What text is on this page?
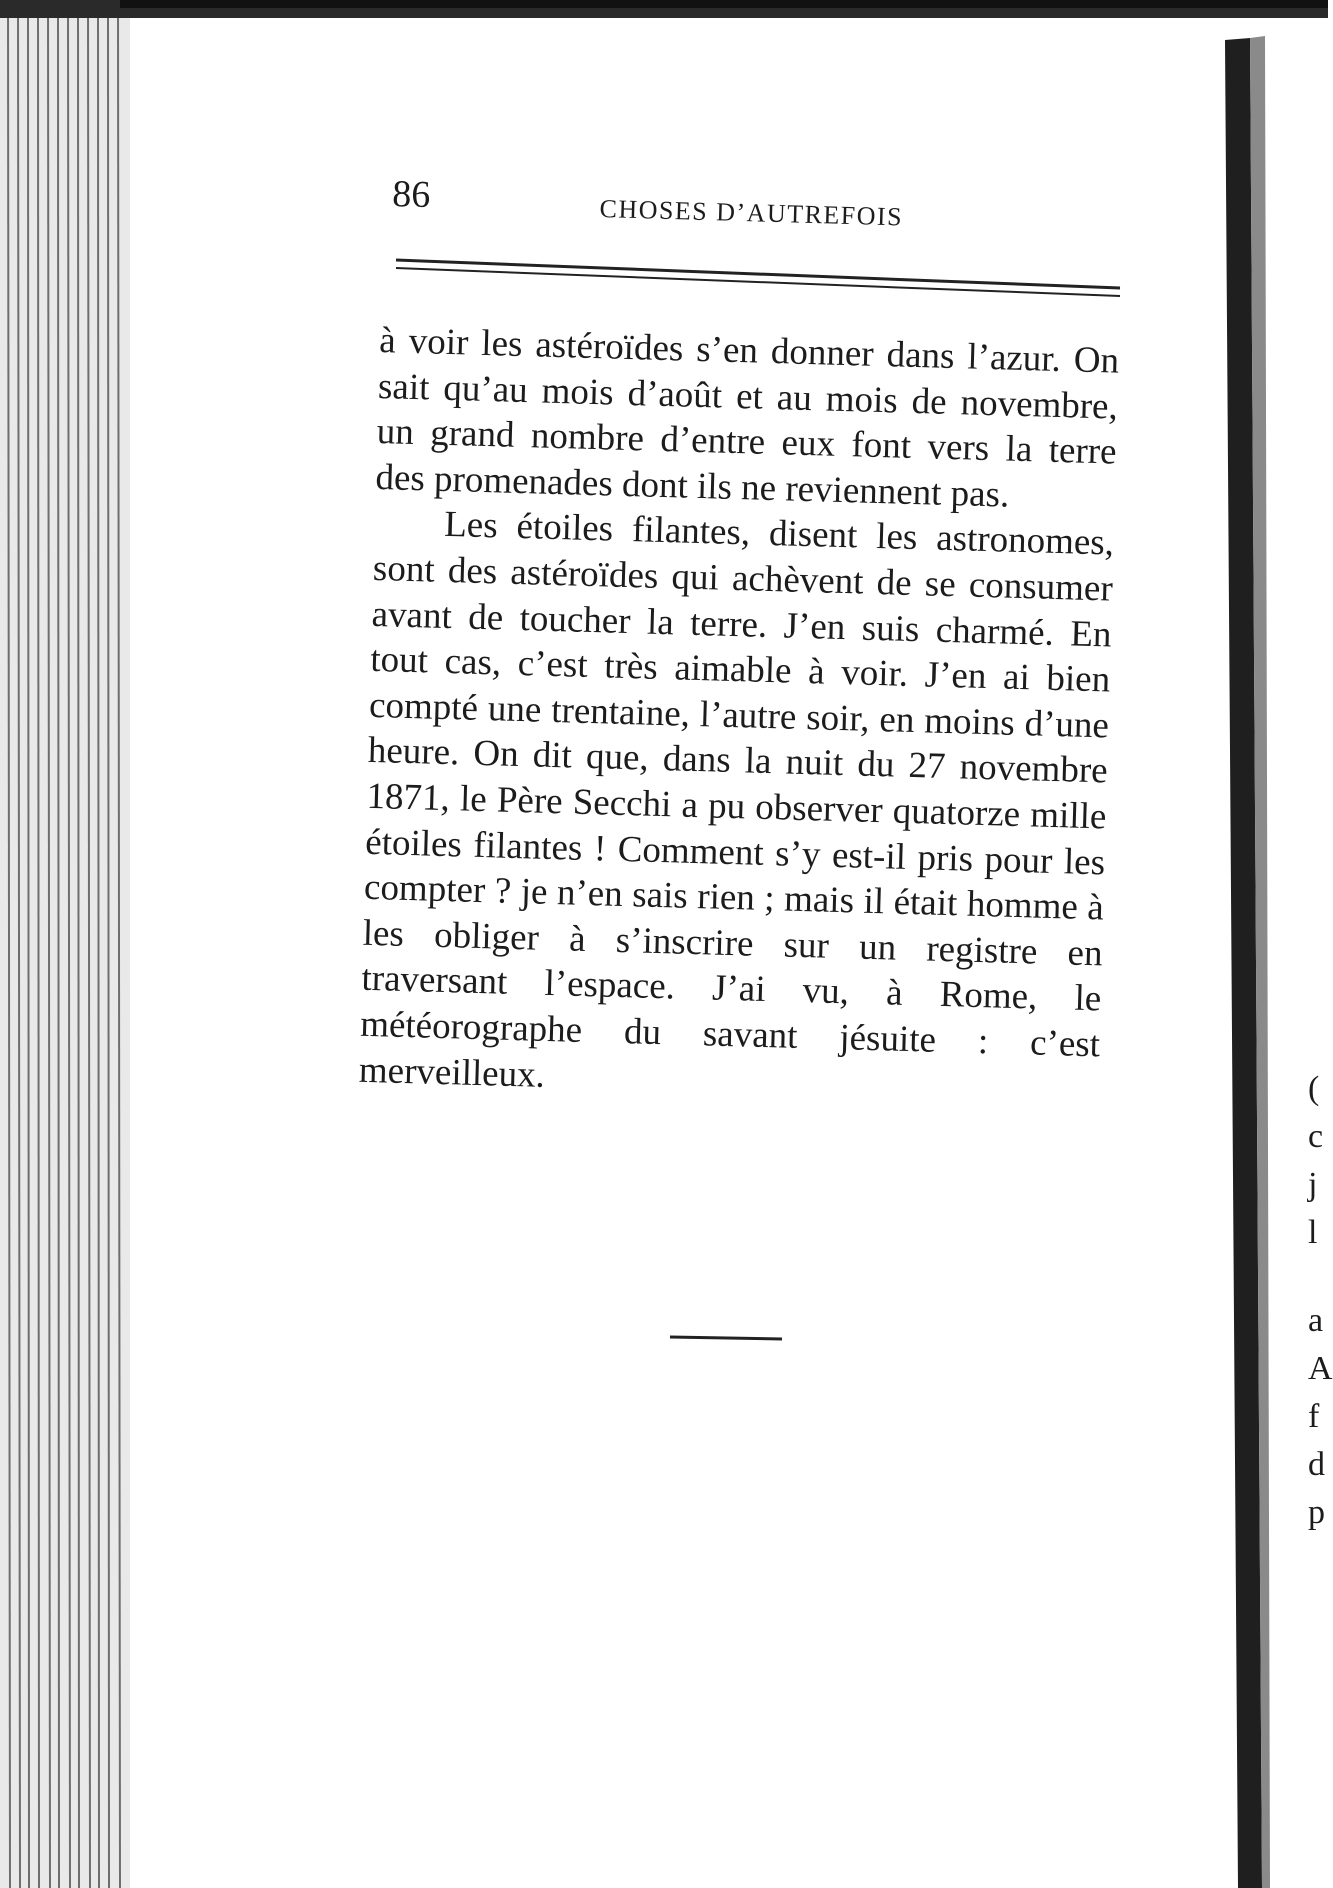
86	CHOSES D’AUTREFOIS

à voir les astéroïdes s’en donner dans l’azur. On sait qu’au mois d’août et au mois de novembre, un grand nombre d’entre eux font vers la terre des promenades dont ils ne reviennent pas.

Les étoiles filantes, disent les astronomes, sont des astéroïdes qui achèvent de se consumer avant de toucher la terre. J’en suis charmé. En tout cas, c’est très aimable à voir. J’en ai bien compté une trentaine, l’autre soir, en moins d’une heure. On dit que, dans la nuit du 27 novembre 1871, le Père Secchi a pu observer quatorze mille étoiles filantes ! Comment s’y est-il pris pour les compter ? je n’en sais rien ; mais il était homme à les obliger à s’inscrire sur un registre en traversant l’espace. J’ai vu, à Rome, le météorographe du savant jésuite : c’est merveilleux.	(
c
j
l
a
A
f
d
p
